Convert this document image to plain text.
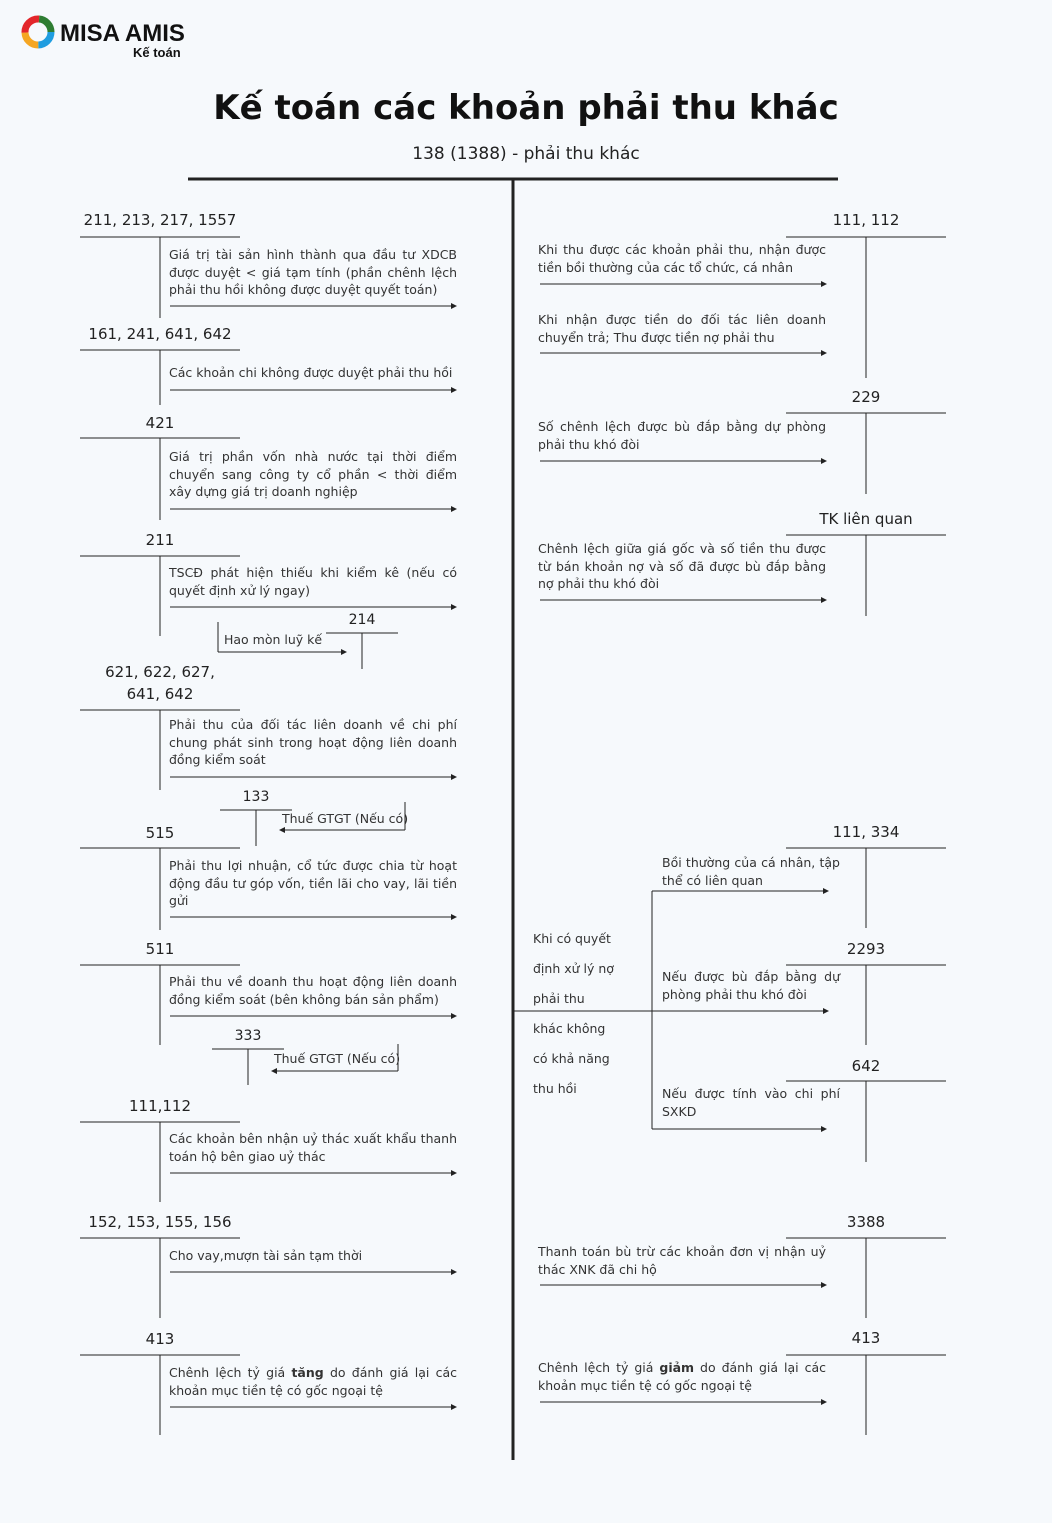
MISA AMIS
Kế toán
Kế toán các khoản phải thu khác
138 (1388) - phải thu khác
211, 213, 217, 1557

Giá trị tài sản hình thành qua đầu tư XDCB được duyệt < giá tạm tính (phần chênh lệch phải thu hồi không được duyệt quyết toán)

161, 241, 641, 642

Các khoản chi không được duyệt phải thu hồi

421

Giá trị phần vốn nhà nước tại thời điểm chuyển sang công ty cổ phần < thời điểm xây dựng giá trị doanh nghiệp

211

TSCĐ phát hiện thiếu khi kiểm kê (nếu có quyết định xử lý ngay)

214
Hao mòn luỹ kế
621, 622, 627, 641, 642

Phải thu của đối tác liên doanh về chi phí chung phát sinh trong hoạt động liên doanh đồng kiểm soát

133
Thuế GTGT (Nếu có)
515

Phải thu lợi nhuận, cổ tức được chia từ hoạt động đầu tư góp vốn, tiền lãi cho vay, lãi tiền gửi

511

Phải thu về doanh thu hoạt động liên doanh đồng kiểm soát (bên không bán sản phẩm)

333
Thuế GTGT (Nếu có)
111,112

Các khoản bên nhận uỷ thác xuất khẩu thanh toán hộ bên giao uỷ thác

152, 153, 155, 156

Cho vay,mượn tài sản tạm thời

413

Chênh lệch tỷ giá tăng do đánh giá lại các khoản mục tiền tệ có gốc ngoại tệ

111, 112

Khi thu được các khoản phải thu, nhận được tiền bồi thường của các tổ chức, cá nhân

Khi nhận được tiền do đối tác liên doanh chuyển trả; Thu được tiền nợ phải thu

229

Số chênh lệch được bù đắp bằng dự phòng phải thu khó đòi

TK liên quan

Chênh lệch giữa giá gốc và số tiền thu được từ bán khoản nợ và số đã được bù đắp bằng nợ phải thu khó đòi

111, 334

Bồi thường của cá nhân, tập thể có liên quan

2293

Nếu được bù đắp bằng dự phòng phải thu khó đòi

642

Nếu được tính vào chi phí SXKD

3388

Thanh toán bù trừ các khoản đơn vị nhận uỷ thác XNK đã chi hộ

413

Chênh lệch tỷ giá giảm do đánh giá lại các khoản mục tiền tệ có gốc ngoại tệ

Khi có quyết
định xử lý nợ
phải thu
khác không
có khả năng
thu hồi
